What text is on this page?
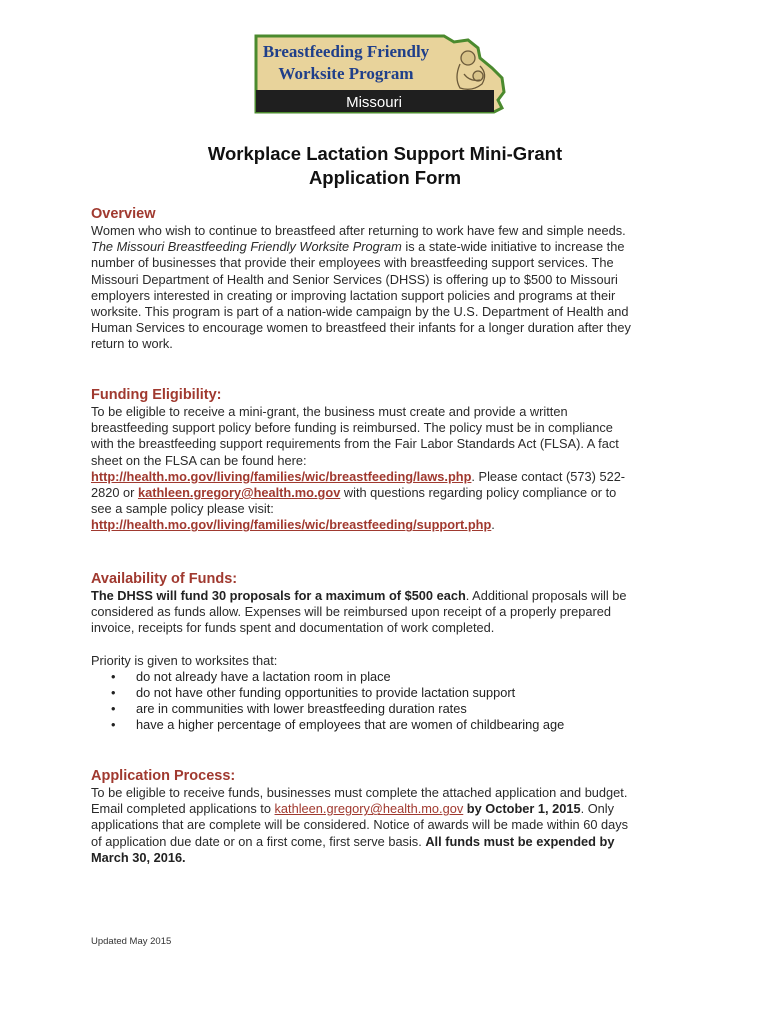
Breastfeeding Friendly
Worksite Program
Missouri
Workplace Lactation Support Mini-Grant
Application Form
Overview
Women who wish to continue to breastfeed after returning to work have few and simple needs.
The Missouri Breastfeeding Friendly Worksite Program is a state-wide initiative to increase the
number of businesses that provide their employees with breastfeeding support services. The
Missouri Department of Health and Senior Services (DHSS) is offering up to $500 to Missouri
employers interested in creating or improving lactation support policies and programs at their
worksite. This program is part of a nation-wide campaign by the U.S. Department of Health and
Human Services to encourage women to breastfeed their infants for a longer duration after they
return to work.
Funding Eligibility:
To be eligible to receive a mini-grant, the business must create and provide a written
breastfeeding support policy before funding is reimbursed. The policy must be in compliance
with the breastfeeding support requirements from the Fair Labor Standards Act (FLSA). A fact
sheet on the FLSA can be found here:
http://health.mo.gov/living/families/wic/breastfeeding/laws.php. Please contact (573) 522-
2820 or kathleen.gregory@health.mo.gov with questions regarding policy compliance or to
see a sample policy please visit:
http://health.mo.gov/living/families/wic/breastfeeding/support.php.
Availability of Funds:
The DHSS will fund 30 proposals for a maximum of $500 each. Additional proposals will be
considered as funds allow. Expenses will be reimbursed upon receipt of a properly prepared
invoice, receipts for funds spent and documentation of work completed.
Priority is given to worksites that:
• do not already have a lactation room in place
• do not have other funding opportunities to provide lactation support
• are in communities with lower breastfeeding duration rates
• have a higher percentage of employees that are women of childbearing age
Application Process:
To be eligible to receive funds, businesses must complete the attached application and budget.
Email completed applications to kathleen.gregory@health.mo.gov by October 1, 2015. Only
applications that are complete will be considered. Notice of awards will be made within 60 days
of application due date or on a first come, first serve basis. All funds must be expended by
March 30, 2016.
Updated May 2015
